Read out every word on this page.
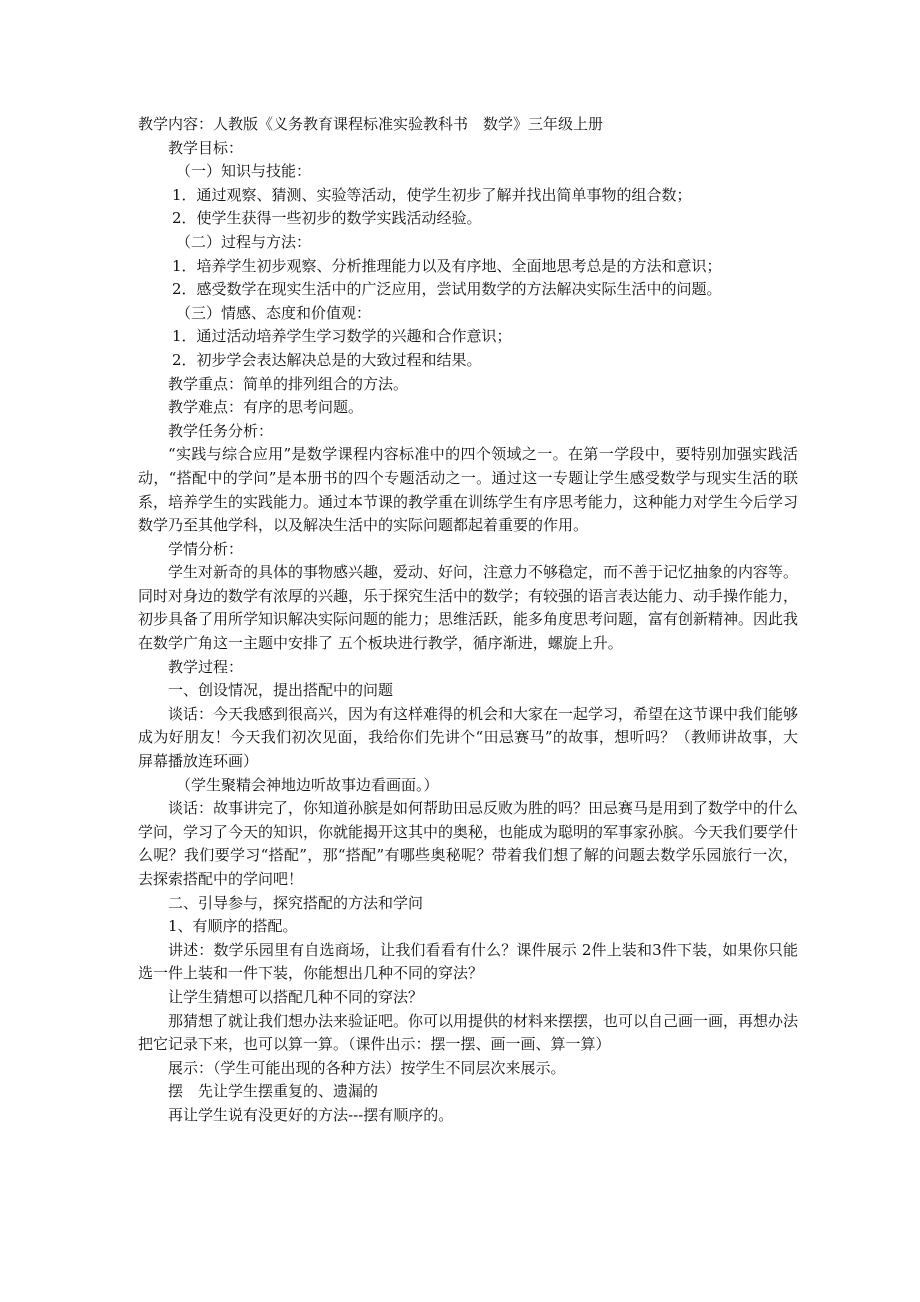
教学内容：人教版《义务教育课程标准实验教科书　数学》三年级上册

教学目标：

（一）知识与技能：

1．通过观察、猜测、实验等活动，使学生初步了解并找出简单事物的组合数；

2．使学生获得一些初步的数学实践活动经验。

（二）过程与方法：

1．培养学生初步观察、分析推理能力以及有序地、全面地思考总是的方法和意识；

2．感受数学在现实生活中的广泛应用，尝试用数学的方法解决实际生活中的问题。

（三）情感、态度和价值观：

1．通过活动培养学生学习数学的兴趣和合作意识；

2．初步学会表达解决总是的大致过程和结果。

教学重点：简单的排列组合的方法。

教学难点：有序的思考问题。

教学任务分析：

“实践与综合应用”是数学课程内容标准中的四个领域之一。在第一学段中，要特别加强实践活动，“搭配中的学问”是本册书的四个专题活动之一。通过这一专题让学生感受数学与现实生活的联系，培养学生的实践能力。通过本节课的教学重在训练学生有序思考能力，这种能力对学生今后学习数学乃至其他学科，以及解决生活中的实际问题都起着重要的作用。

学情分析：

学生对新奇的具体的事物感兴趣，爱动、好问，注意力不够稳定，而不善于记忆抽象的内容等。同时对身边的数学有浓厚的兴趣，乐于探究生活中的数学；有较强的语言表达能力、动手操作能力，初步具备了用所学知识解决实际问题的能力；思维活跃，能多角度思考问题，富有创新精神。因此我在数学广角这一主题中安排了 五个板块进行教学，循序渐进，螺旋上升。

教学过程：

一、创设情况，提出搭配中的问题

谈话：今天我感到很高兴，因为有这样难得的机会和大家在一起学习，希望在这节课中我们能够成为好朋友！今天我们初次见面，我给你们先讲个“田忌赛马”的故事，想听吗？（教师讲故事，大屏幕播放连环画）

（学生聚精会神地边听故事边看画面。）

谈话：故事讲完了，你知道孙膑是如何帮助田忌反败为胜的吗？田忌赛马是用到了数学中的什么学问，学习了今天的知识，你就能揭开这其中的奥秘，也能成为聪明的军事家孙膑。今天我们要学什么呢？我们要学习“搭配”，那“搭配”有哪些奥秘呢？带着我们想了解的问题去数学乐园旅行一次，去探索搭配中的学问吧！

二、引导参与，探究搭配的方法和学问

1、有顺序的搭配。

讲述：数学乐园里有自选商场，让我们看看有什么？课件展示 2件上装和3件下装，如果你只能选一件上装和一件下装，你能想出几种不同的穿法？

让学生猜想可以搭配几种不同的穿法？

那猜想了就让我们想办法来验证吧。你可以用提供的材料来摆摆，也可以自己画一画，再想办法把它记录下来，也可以算一算。（课件出示：摆一摆、画一画、算一算）

展示：（学生可能出现的各种方法）按学生不同层次来展示。

摆　先让学生摆重复的、遗漏的

再让学生说有没更好的方法---摆有顺序的。
